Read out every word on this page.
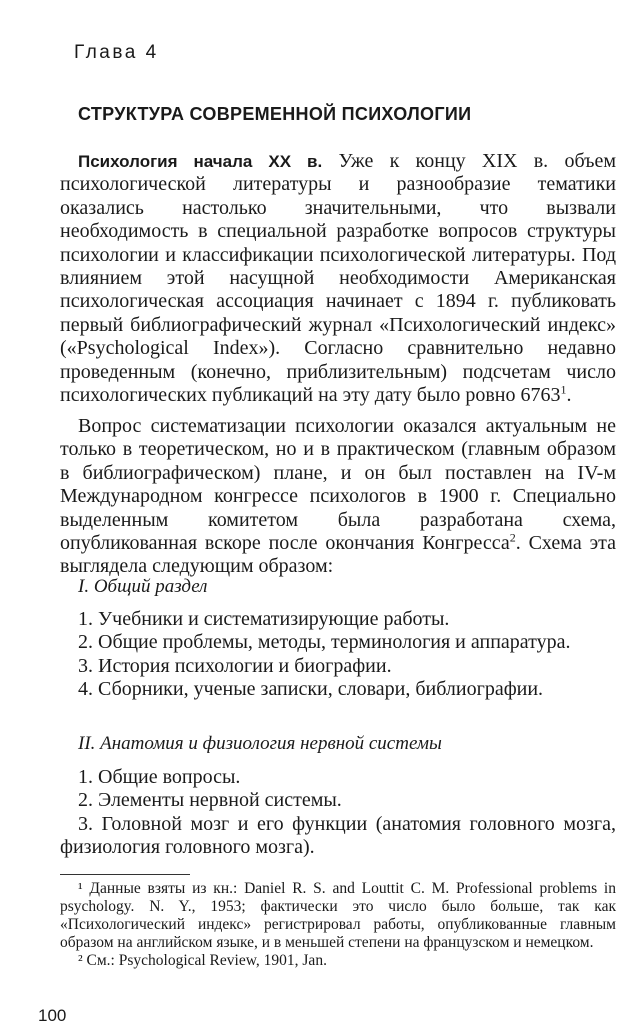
Глава 4
СТРУКТУРА СОВРЕМЕННОЙ ПСИХОЛОГИИ
Психология начала XX в. Уже к концу XIX в. объем психологической литературы и разнообразие тематики оказались настолько значительными, что вызвали необходимость в специальной разработке вопросов структуры психологии и классификации психологической литературы. Под влиянием этой насущной необходимости Американская психологическая ассоциация начинает с 1894 г. публиковать первый библиографический журнал «Психологический индекс» («Psychological Index»). Согласно сравнительно недавно проведенным (конечно, приблизительным) подсчетам число психологических публикаций на эту дату было ровно 6763$^1$.
Вопрос систематизации психологии оказался актуальным не только в теоретическом, но и в практическом (главным образом в библиографическом) плане, и он был поставлен на IV-м Международном конгрессе психологов в 1900 г. Специально выделенным комитетом была разработана схема, опубликованная вскоре после окончания Конгресса$^2$. Схема эта выглядела следующим образом:
I. Общий раздел
1. Учебники и систематизирующие работы.
2. Общие проблемы, методы, терминология и аппаратура.
3. История психологии и биографии.
4. Сборники, ученые записки, словари, библиографии.
II. Анатомия и физиология нервной системы
1. Общие вопросы.
2. Элементы нервной системы.
3. Головной мозг и его функции (анатомия головного мозга, физиология головного мозга).
¹ Данные взяты из кн.: Daniel R. S. and Louttit C. M. Professional problems in psychology. N. Y., 1953; фактически это число было больше, так как «Психологический индекс» регистрировал работы, опубликованные главным образом на английском языке, и в меньшей степени на французском и немецком.
² См.: Psychological Review, 1901, Jan.
100
